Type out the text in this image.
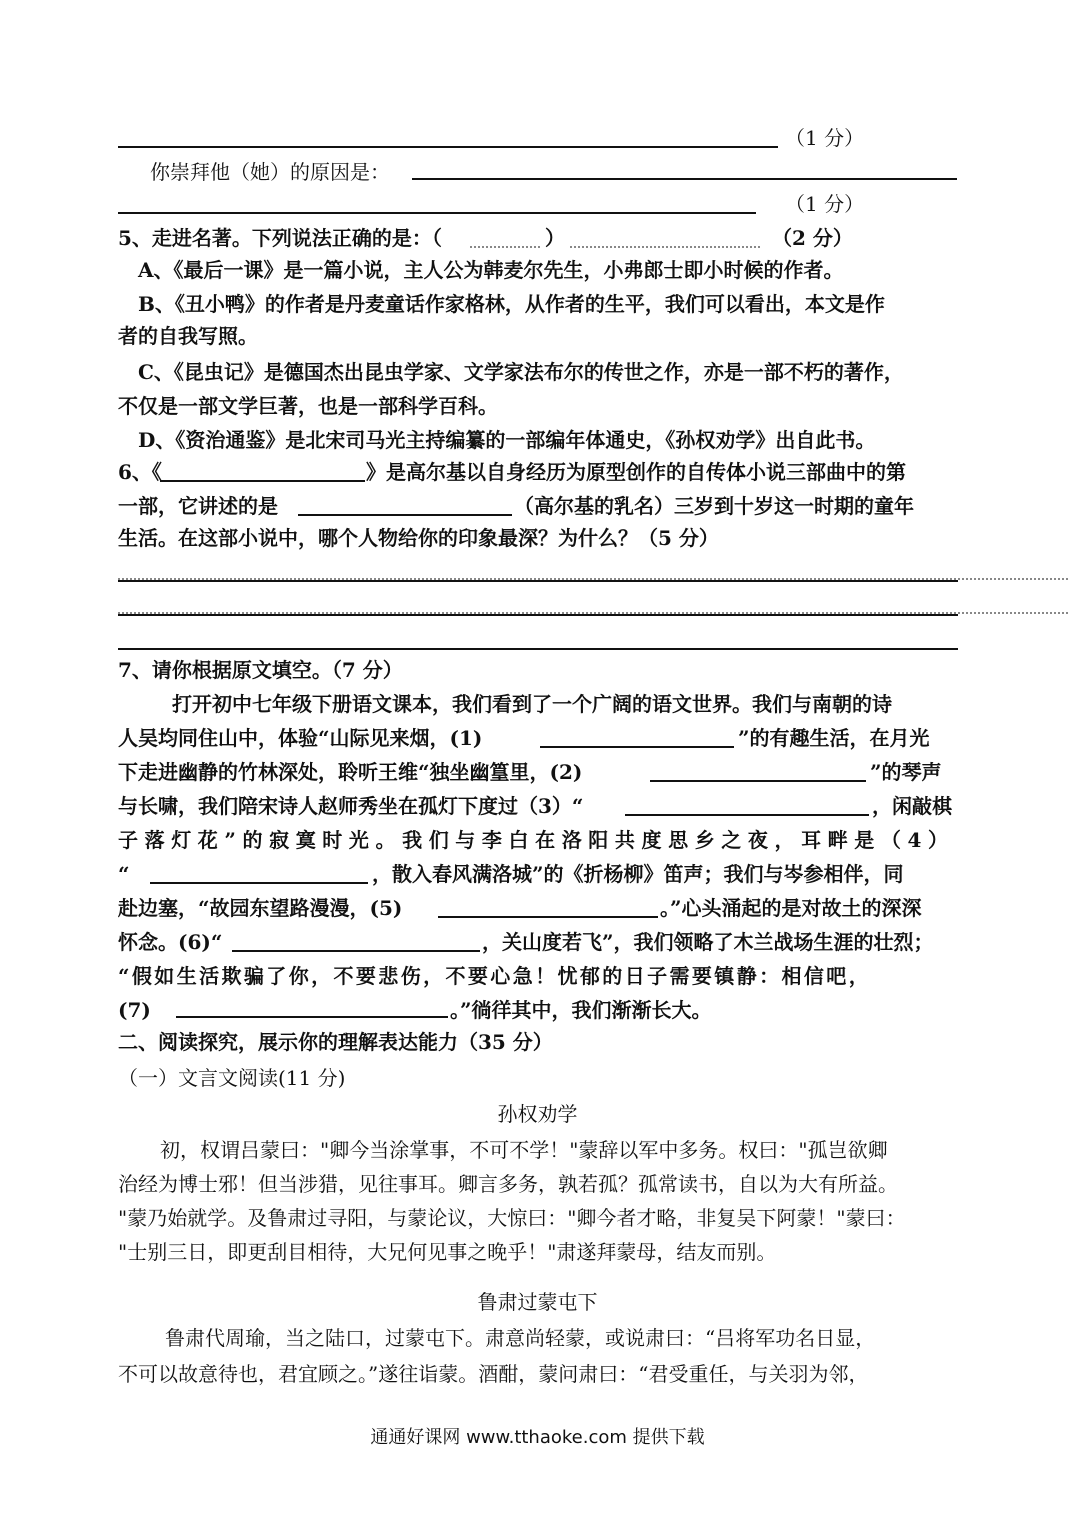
（1 分）
你崇拜他（她）的原因是：
（1 分）
5、走进名著。下列说法正确的是：（	）	（2 分）
A、《最后一课》是一篇小说，主人公为韩麦尔先生，小弗郎士即小时候的作者。
B、《丑小鸭》的作者是丹麦童话作家格林，从作者的生平，我们可以看出，本文是作
者的自我写照。
C、《昆虫记》是德国杰出昆虫学家、文学家法布尔的传世之作，亦是一部不朽的著作，
不仅是一部文学巨著，也是一部科学百科。
D、《资治通鉴》是北宋司马光主持编纂的一部编年体通史，《孙权劝学》出自此书。
6、《	》是高尔基以自身经历为原型创作的自传体小说三部曲中的第
一部，它讲述的是	（高尔基的乳名）三岁到十岁这一时期的童年
生活。在这部小说中，哪个人物给你的印象最深？为什么？（5 分）
7、请你根据原文填空。（7 分）
打开初中七年级下册语文课本，我们看到了一个广阔的语文世界。我们与南朝的诗
人吴均同住山中，体验“山际见来烟，(1)	”的有趣生活，在月光
下走进幽静的竹林深处，聆听王维“独坐幽篁里，(2)	”的琴声
与长啸，我们陪宋诗人赵师秀坐在孤灯下度过（3）“	，闲敲棋
子落灯花”的寂寞时光。我们与李白在洛阳共度思乡之夜，耳畔是（4）
“	，散入春风满洛城”的《折杨柳》笛声；我们与岑参相伴，同
赴边塞，“故园东望路漫漫，(5)	。”心头涌起的是对故土的深深
怀念。(6)“	，关山度若飞”，我们领略了木兰战场生涯的壮烈；
“假如生活欺骗了你，不要悲伤，不要心急！忧郁的日子需要镇静：相信吧，
(7)	。”徜徉其中，我们渐渐长大。
二、阅读探究，展示你的理解表达能力（35 分）
（一）文言文阅读(11 分)
孙权劝学
初，权谓吕蒙曰："卿今当涂掌事，不可不学！"蒙辞以军中多务。权曰："孤岂欲卿
治经为博士邪！但当涉猎，见往事耳。卿言多务，孰若孤？孤常读书，自以为大有所益。
"蒙乃始就学。及鲁肃过寻阳，与蒙论议，大惊曰："卿今者才略，非复吴下阿蒙！"蒙曰：
"士别三日，即更刮目相待，大兄何见事之晚乎！"肃遂拜蒙母，结友而别。
鲁肃过蒙屯下
鲁肃代周瑜，当之陆口，过蒙屯下。肃意尚轻蒙，或说肃曰：“吕将军功名日显，
不可以故意待也，君宜顾之。”遂往诣蒙。酒酣，蒙问肃曰：“君受重任，与关羽为邻，
通通好课网 www.tthaoke.com 提供下载
